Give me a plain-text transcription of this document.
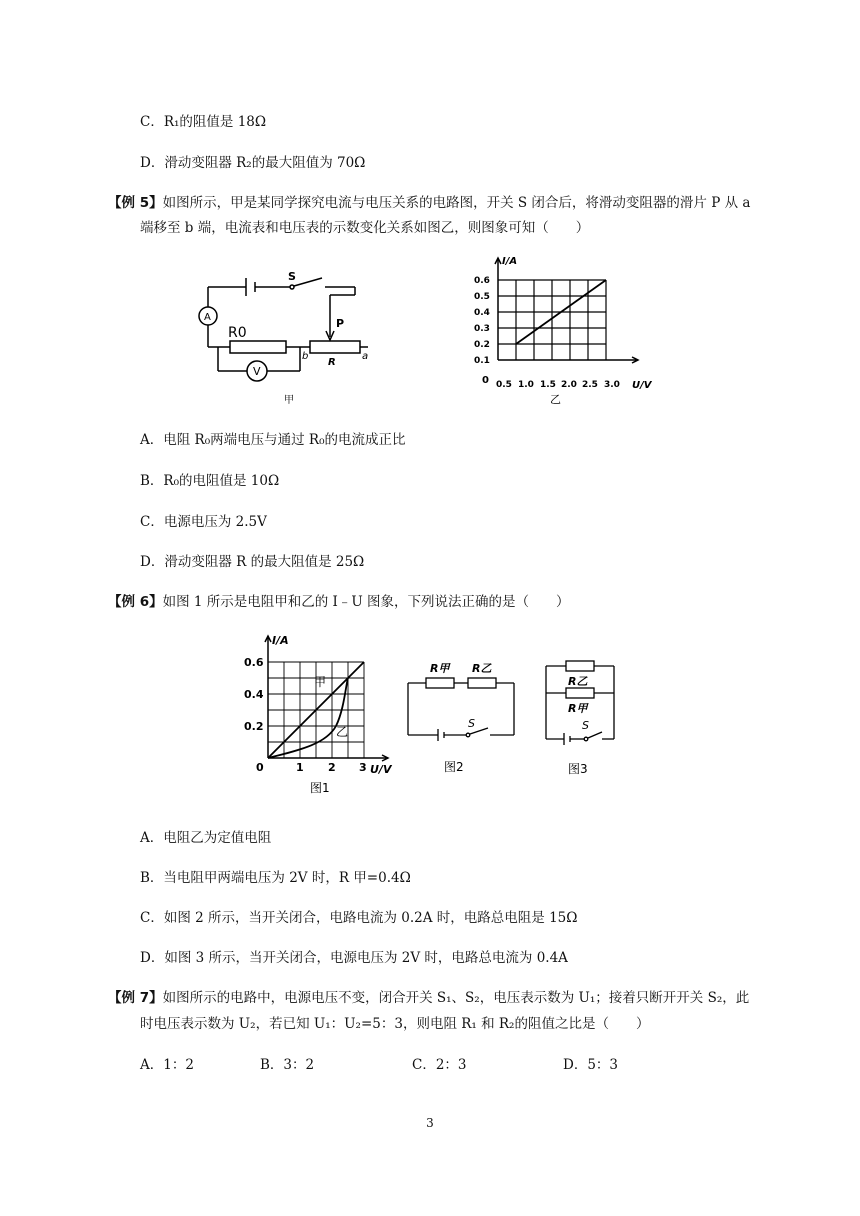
C．R₁的阻值是 18Ω
D．滑动变阻器 R₂的最大阻值为 70Ω
【例 5】如图所示，甲是某同学探究电流与电压关系的电路图，开关 S 闭合后，将滑动变阻器的滑片 P 从 a
端移至 b 端，电流表和电压表的示数变化关系如图乙，则图象可知（　　）
A
V
S
P
R0
b
R
a
甲
I/A
U/V
0
0.6
0.5
0.4
0.3
0.2
0.1
0.5 1.0 1.5 2.0 2.5 3.0
乙
A．电阻 R₀两端电压与通过 R₀的电流成正比
B．R₀的电阻值是 10Ω
C．电源电压为 2.5V
D．滑动变阻器 R 的最大阻值是 25Ω
【例 6】如图 1 所示是电阻甲和乙的 I﹣U 图象，下列说法正确的是（　　）
I/A
U/V
0
0.6
0.4
0.2
1 2 3
甲
乙
图1
R甲 R乙
S
图2
R乙
R甲
S
图3
A．电阻乙为定值电阻
B．当电阻甲两端电压为 2V 时，R 甲=0.4Ω
C．如图 2 所示，当开关闭合，电路电流为 0.2A 时，电路总电阻是 15Ω
D．如图 3 所示，当开关闭合，电源电压为 2V 时，电路总电流为 0.4A
【例 7】如图所示的电路中，电源电压不变，闭合开关 S₁、S₂，电压表示数为 U₁；接着只断开开关 S₂，此
时电压表示数为 U₂，若已知 U₁：U₂=5：3，则电阻 R₁ 和 R₂的阻值之比是（　　）
A．1：2	B．3：2	C．2：3	D．5：3
3
